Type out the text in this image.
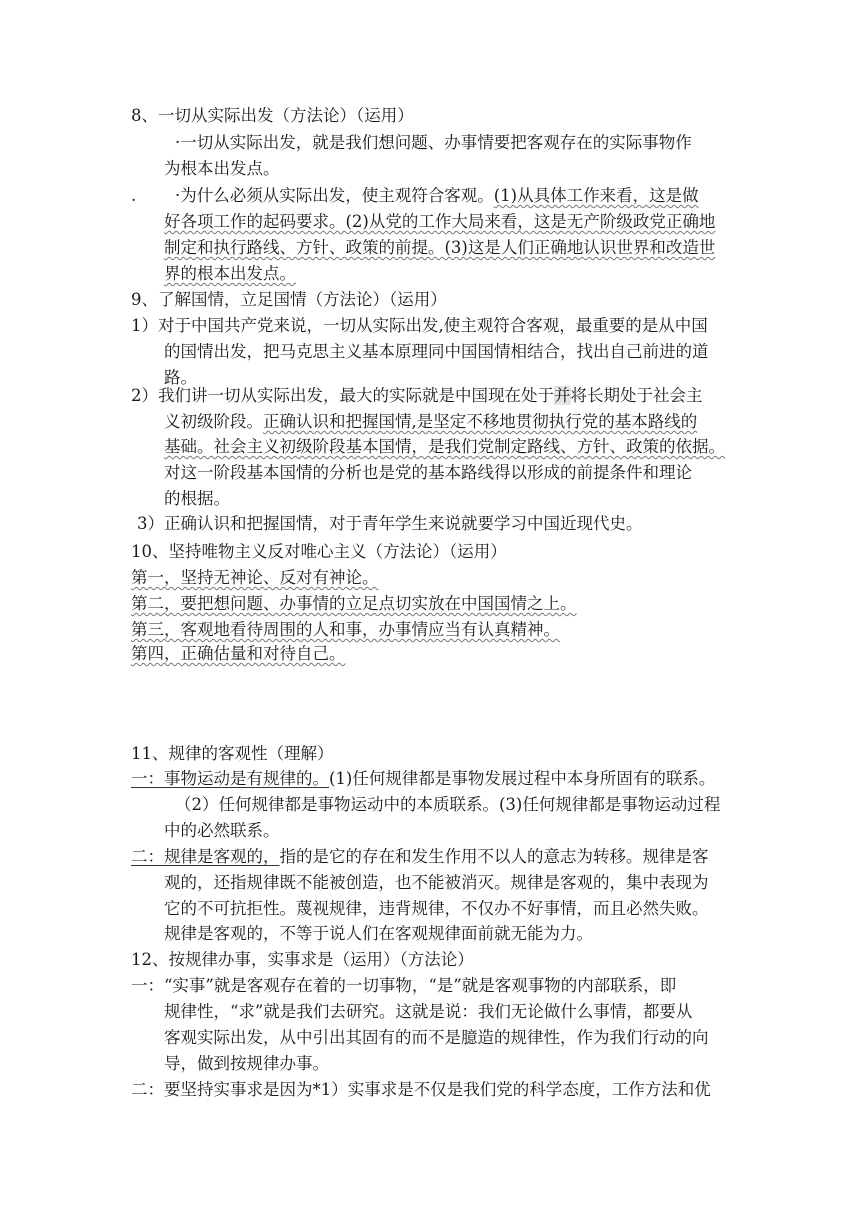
8、一切从实际出发（方法论）（运用）
·一切从实际出发，就是我们想问题、办事情要把客观存在的实际事物作
为根本出发点。
. ·为什么必须从实际出发，使主观符合客观。(1)从具体工作来看，这是做
好各项工作的起码要求。(2)从党的工作大局来看，这是无产阶级政党正确地
制定和执行路线、方针、政策的前提。(3)这是人们正确地认识世界和改造世
界的根本出发点。
9、了解国情，立足国情（方法论）（运用）
1）对于中国共产党来说，一切从实际出发,使主观符合客观，最重要的是从中国
的国情出发，把马克思主义基本原理同中国国情相结合，找出自己前进的道
路。
2）我们讲一切从实际出发，最大的实际就是中国现在处于并将长期处于社会主
义初级阶段。正确认识和把握国情,是坚定不移地贯彻执行党的基本路线的
基础。社会主义初级阶段基本国情，是我们党制定路线、方针、政策的依据。
对这一阶段基本国情的分析也是党的基本路线得以形成的前提条件和理论
的根据。
3）正确认识和把握国情，对于青年学生来说就要学习中国近现代史。
10、坚持唯物主义反对唯心主义（方法论）（运用）
第一，坚持无神论、反对有神论。
第二，要把想问题、办事情的立足点切实放在中国国情之上。
第三，客观地看待周围的人和事，办事情应当有认真精神。
第四，正确估量和对待自己。
11、规律的客观性（理解）
一：事物运动是有规律的。(1)任何规律都是事物发展过程中本身所固有的联系。
（2）任何规律都是事物运动中的本质联系。(3)任何规律都是事物运动过程
中的必然联系。
二：规律是客观的，指的是它的存在和发生作用不以人的意志为转移。规律是客
观的，还指规律既不能被创造，也不能被消灭。规律是客观的，集中表现为
它的不可抗拒性。蔑视规律，违背规律，不仅办不好事情，而且必然失败。
规律是客观的，不等于说人们在客观规律面前就无能为力。
12、按规律办事，实事求是（运用）（方法论）
一：“实事”就是客观存在着的一切事物，“是”就是客观事物的内部联系，即
规律性，“求”就是我们去研究。这就是说：我们无论做什么事情，都要从
客观实际出发，从中引出其固有的而不是臆造的规律性，作为我们行动的向
导，做到按规律办事。
二：要坚持实事求是因为*1）实事求是不仅是我们党的科学态度，工作方法和优
